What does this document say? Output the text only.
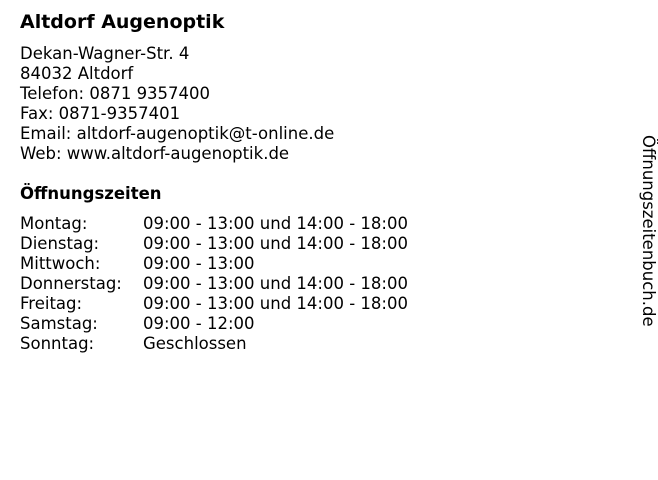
Altdorf Augenoptik
Dekan-Wagner-Str. 4
84032 Altdorf
Telefon: 0871 9357400
Fax: 0871-9357401
Email: altdorf-augenoptik@t-online.de
Web: www.altdorf-augenoptik.de
Öffnungszeiten
Montag:	09:00 - 13:00 und 14:00 - 18:00
Dienstag:	09:00 - 13:00 und 14:00 - 18:00
Mittwoch:	09:00 - 13:00
Donnerstag: 09:00 - 13:00 und 14:00 - 18:00
Freitag:	09:00 - 13:00 und 14:00 - 18:00
Samstag:	09:00 - 12:00
Sonntag:	Geschlossen
Öffnungszeitenbuch.de
